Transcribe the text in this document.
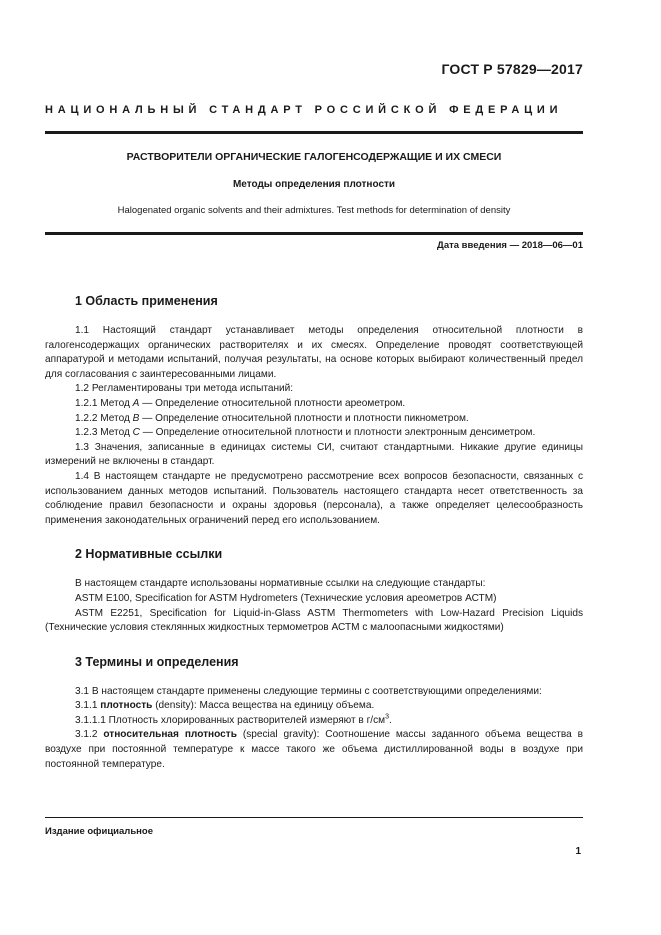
ГОСТ Р 57829—2017
НАЦИОНАЛЬНЫЙ СТАНДАРТ РОССИЙСКОЙ ФЕДЕРАЦИИ
РАСТВОРИТЕЛИ ОРГАНИЧЕСКИЕ ГАЛОГЕНСОДЕРЖАЩИЕ И ИХ СМЕСИ
Методы определения плотности
Halogenated organic solvents and their admixtures. Test methods for determination of density
Дата введения — 2018—06—01
1 Область применения

1.1 Настоящий стандарт устанавливает методы определения относительной плотности в галогенсодержащих органических растворителях и их смесях. Определение проводят соответствующей аппаратурой и методами испытаний, получая результаты, на основе которых выбирают количественный предел для согласования с заинтересованными лицами.

1.2 Регламентированы три метода испытаний:

1.2.1 Метод А — Определение относительной плотности ареометром.

1.2.2 Метод В — Определение относительной плотности и плотности пикнометром.

1.2.3 Метод С — Определение относительной плотности и плотности электронным денсиметром.

1.3 Значения, записанные в единицах системы СИ, считают стандартными. Никакие другие единицы измерений не включены в стандарт.

1.4 В настоящем стандарте не предусмотрено рассмотрение всех вопросов безопасности, связанных с использованием данных методов испытаний. Пользователь настоящего стандарта несет ответственность за соблюдение правил безопасности и охраны здоровья (персонала), а также определяет целесообразность применения законодательных ограничений перед его использованием.

2 Нормативные ссылки

В настоящем стандарте использованы нормативные ссылки на следующие стандарты:

ASTM E100, Specification for ASTM Hydrometers (Технические условия ареометров АСТМ)

ASTM E2251, Specification for Liquid-in-Glass ASTM Thermometers with Low-Hazard Precision Liquids (Технические условия стеклянных жидкостных термометров АСТМ с малоопасными жидкостями)

3 Термины и определения

3.1 В настоящем стандарте применены следующие термины с соответствующими определениями:

3.1.1 плотность (density): Масса вещества на единицу объема.

3.1.1.1 Плотность хлорированных растворителей измеряют в $г/см^3$.

3.1.2 относительная плотность (special gravity): Соотношение массы заданного объема вещества в воздухе при постоянной температуре к массе такого же объема дистиллированной воды в воздухе при постоянной температуре.

Издание официальное
1
